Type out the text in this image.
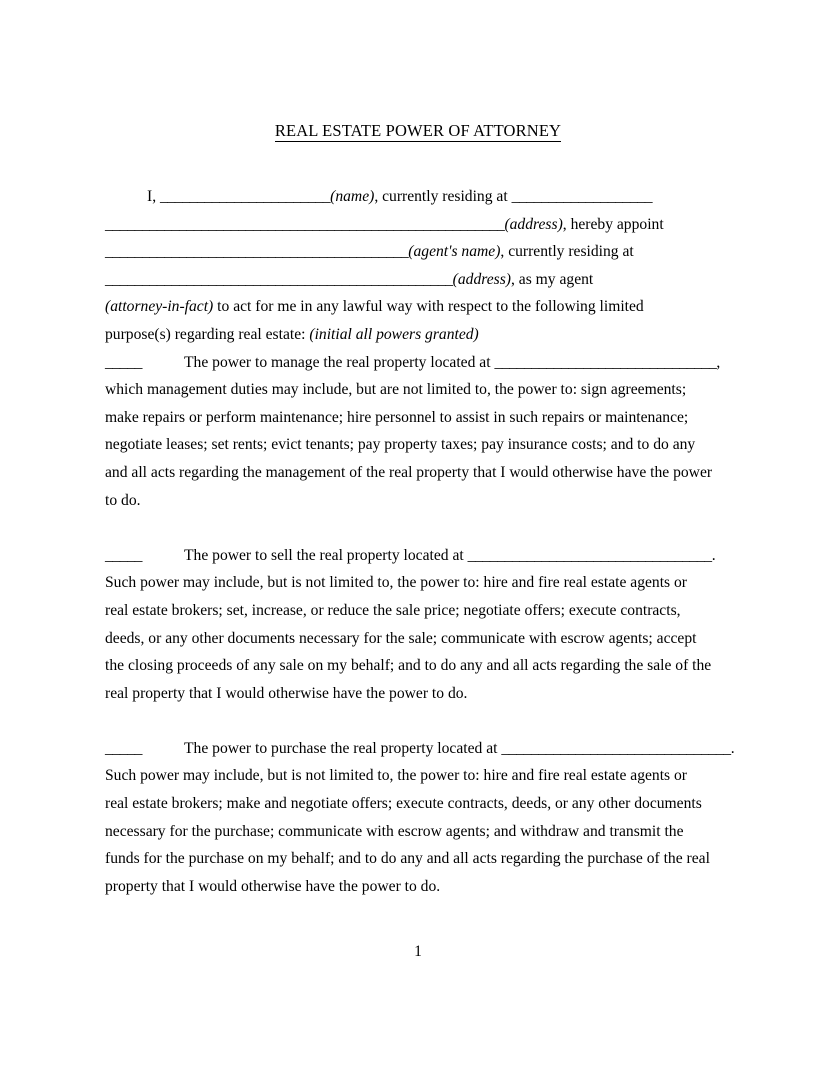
REAL ESTATE POWER OF ATTORNEY
I, _______________________(name), currently residing at ___________________
______________________________________________________(address), hereby appoint
_________________________________________(agent's name), currently residing at
_______________________________________________(address), as my agent
(attorney-in-fact) to act for me in any lawful way with respect to the following limited
purpose(s) regarding real estate: (initial all powers granted)
_____	The power to manage the real property located at ______________________________,
which management duties may include, but are not limited to, the power to: sign agreements;
make repairs or perform maintenance; hire personnel to assist in such repairs or maintenance;
negotiate leases; set rents; evict tenants; pay property taxes; pay insurance costs; and to do any
and all acts regarding the management of the real property that I would otherwise have the power
to do.
_____	The power to sell the real property located at _________________________________.
Such power may include, but is not limited to, the power to: hire and fire real estate agents or
real estate brokers; set, increase, or reduce the sale price; negotiate offers; execute contracts,
deeds, or any other documents necessary for the sale; communicate with escrow agents; accept
the closing proceeds of any sale on my behalf; and to do any and all acts regarding the sale of the
real property that I would otherwise have the power to do.
_____	The power to purchase the real property located at _______________________________.
Such power may include, but is not limited to, the power to: hire and fire real estate agents or
real estate brokers; make and negotiate offers; execute contracts, deeds, or any other documents
necessary for the purchase; communicate with escrow agents; and withdraw and transmit the
funds for the purchase on my behalf; and to do any and all acts regarding the purchase of the real
property that I would otherwise have the power to do.
1
